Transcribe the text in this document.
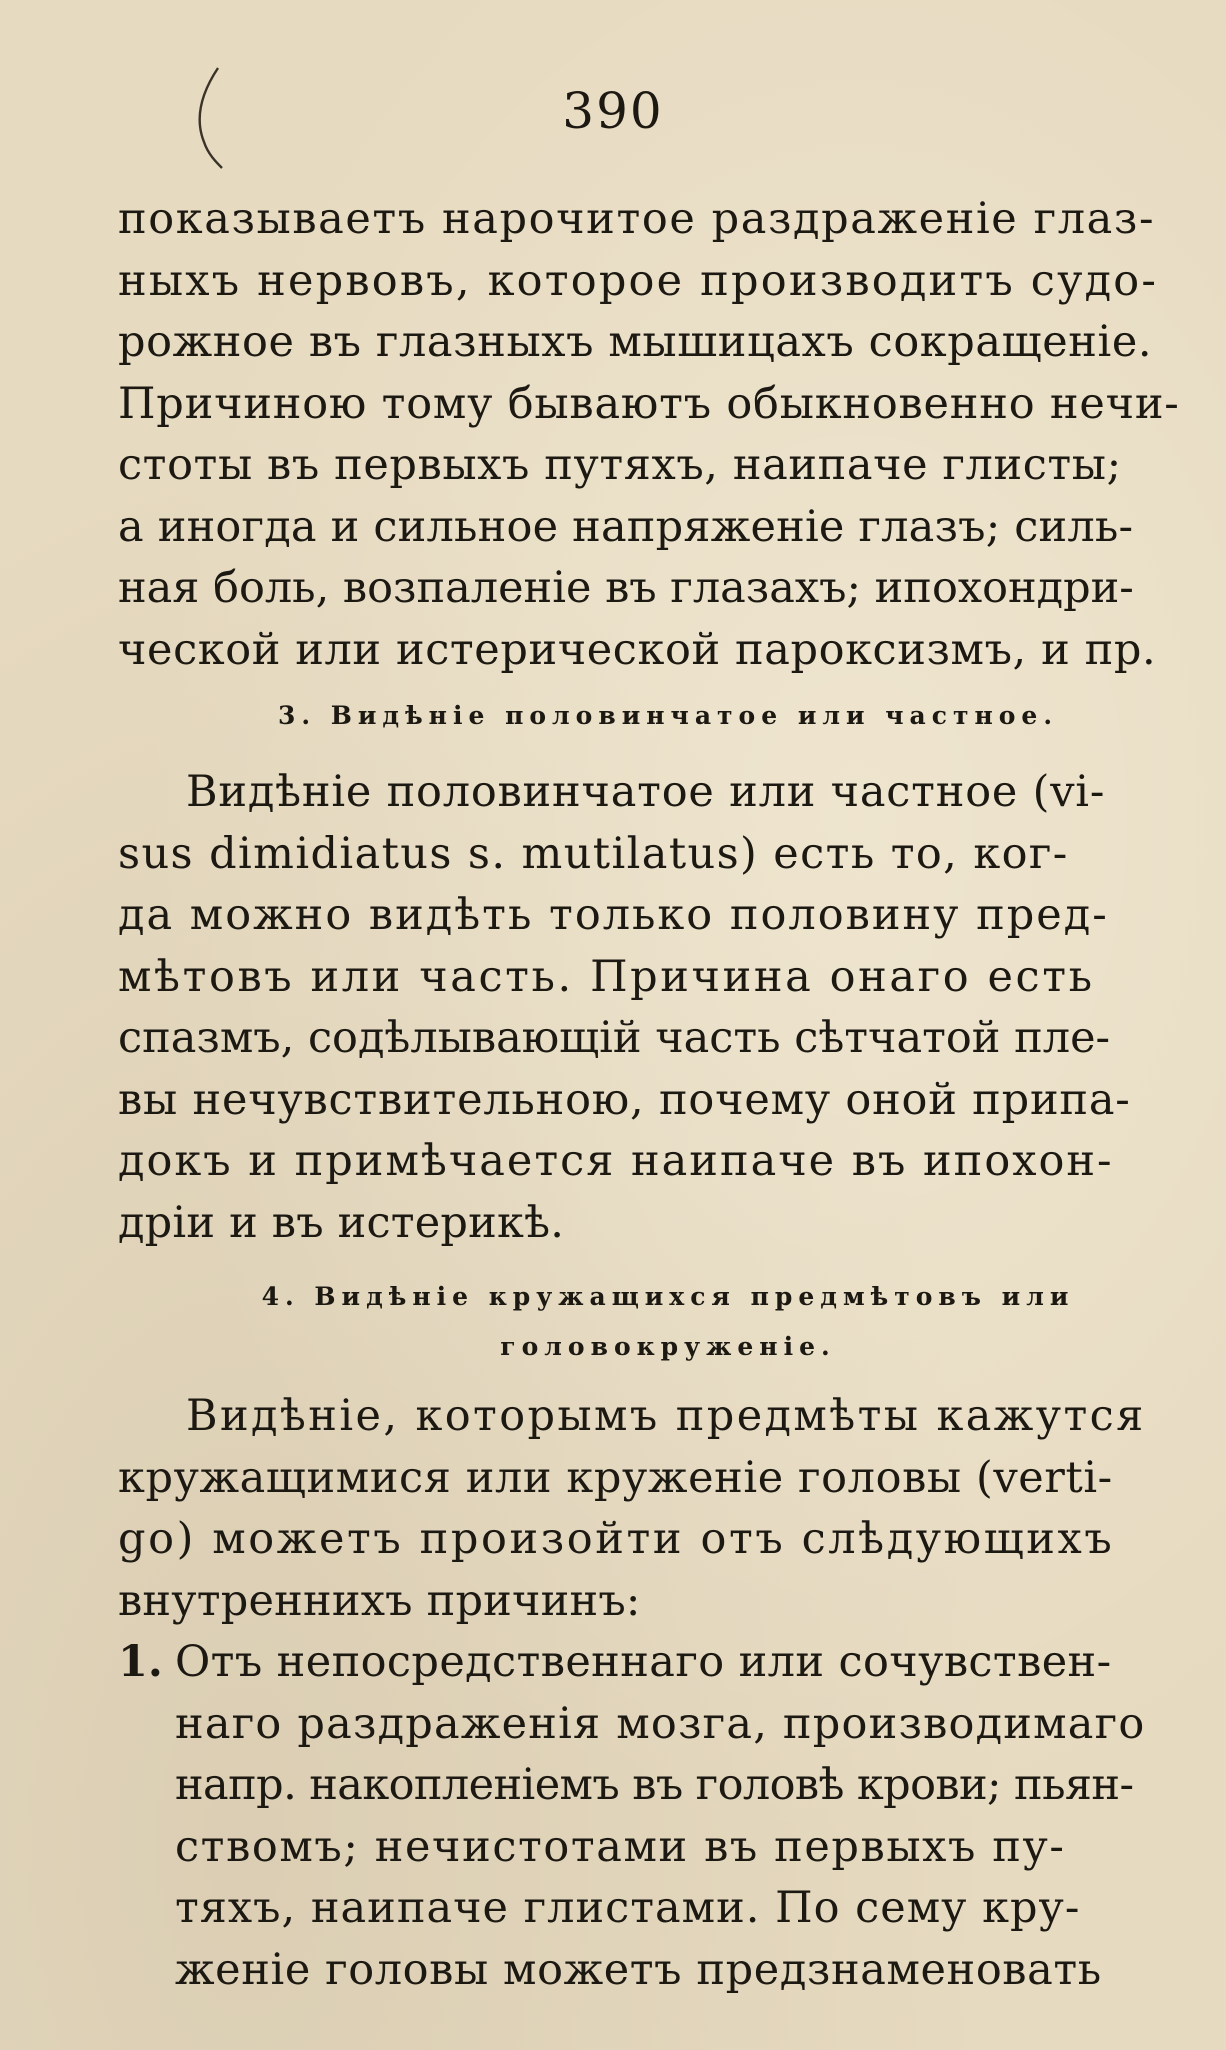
390
показываетъ нарочитое раздраженіе глаз-
ныхъ нервовъ, которое производитъ судо-
рожное въ глазныхъ мышицахъ сокращеніе.
Причиною тому бываютъ обыкновенно нечи-
стоты въ первыхъ путяхъ, наипаче глисты;
а иногда и сильное напряженіе глазъ; силь-
ная боль, возпаленіе въ глазахъ; ипохондри-
ческой или истерической пароксизмъ, и пр.
3. Видѣніе половинчатое или частное.
Видѣніе половинчатое или частное (vi-
sus dimidiatus s. mutilatus) есть то, ког-
да можно видѣть только половину пред-
мѣтовъ или часть. Причина онаго есть
спазмъ, содѣлывающій часть сѣтчатой пле-
вы нечувствительною, почему оной припа-
докъ и примѣчается наипаче въ ипохон-
дріи и въ истерикѣ.
4. Видѣніе кружащихся предмѣтовъ или
головокруженіе.
Видѣніе, которымъ предмѣты кажутся
кружащимися или круженіе головы (verti-
go) можетъ произойти отъ слѣдующихъ
внутреннихъ причинъ:
1. Отъ непосредственнаго или сочувствен-
наго раздраженія мозга, производимаго
напр. накопленіемъ въ головѣ крови; пьян-
ствомъ; нечистотами въ первыхъ пу-
тяхъ, наипаче глистами. По сему кру-
женіе головы можетъ предзнаменовать
